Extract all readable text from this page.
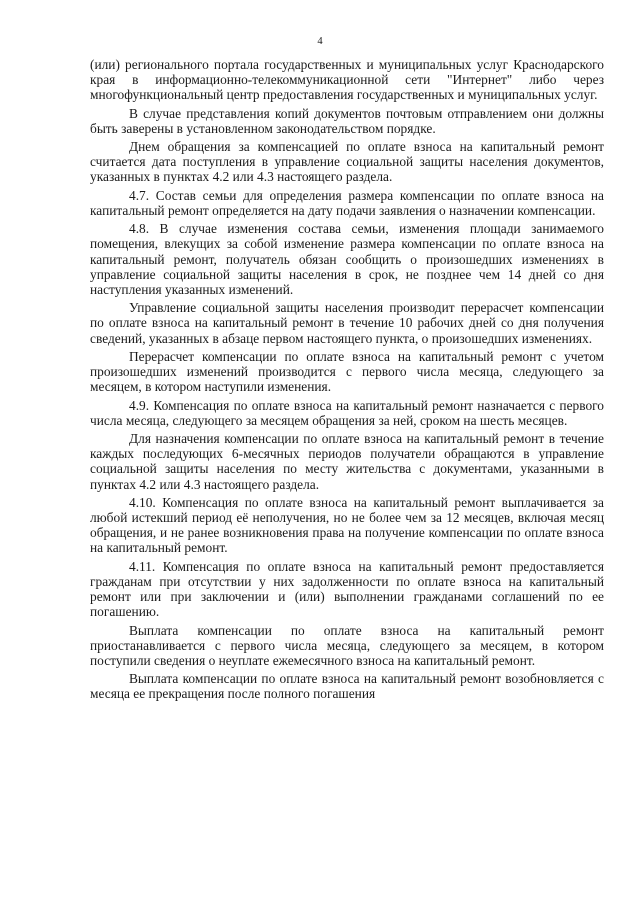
4

(или) регионального портала государственных и муниципальных услуг Краснодарского края в информационно-телекоммуникационной сети "Интернет" либо через многофункциональный центр предоставления государственных и муниципальных услуг.

В случае представления копий документов почтовым отправлением они должны быть заверены в установленном законодательством порядке.

Днем обращения за компенсацией по оплате взноса на капитальный ремонт считается дата поступления в управление социальной защиты населения документов, указанных в пунктах 4.2 или 4.3 настоящего раздела.

4.7. Состав семьи для определения размера компенсации по оплате взноса на капитальный ремонт определяется на дату подачи заявления о назначении компенсации.

4.8. В случае изменения состава семьи, изменения площади занимаемого помещения, влекущих за собой изменение размера компенсации по оплате взноса на капитальный ремонт, получатель обязан сообщить о произошедших изменениях в управление социальной защиты населения в срок, не позднее чем 14 дней со дня наступления указанных изменений.

Управление социальной защиты населения производит перерасчет компенсации по оплате взноса на капитальный ремонт в течение 10 рабочих дней со дня получения сведений, указанных в абзаце первом настоящего пункта, о произошедших изменениях.

Перерасчет компенсации по оплате взноса на капитальный ремонт с учетом произошедших изменений производится с первого числа месяца, следующего за месяцем, в котором наступили изменения.

4.9. Компенсация по оплате взноса на капитальный ремонт назначается с первого числа месяца, следующего за месяцем обращения за ней, сроком на шесть месяцев.

Для назначения компенсации по оплате взноса на капитальный ремонт в течение каждых последующих 6-месячных периодов получатели обращаются в управление социальной защиты населения по месту жительства с документами, указанными в пунктах 4.2 или 4.3 настоящего раздела.

4.10. Компенсация по оплате взноса на капитальный ремонт выплачивается за любой истекший период её неполучения, но не более чем за 12 месяцев, включая месяц обращения, и не ранее возникновения права на получение компенсации по оплате взноса на капитальный ремонт.

4.11. Компенсация по оплате взноса на капитальный ремонт предоставляется гражданам при отсутствии у них задолженности по оплате взноса на капитальный ремонт или при заключении и (или) выполнении гражданами соглашений по ее погашению.

Выплата компенсации по оплате взноса на капитальный ремонт приостанавливается с первого числа месяца, следующего за месяцем, в котором поступили сведения о неуплате ежемесячного взноса на капитальный ремонт.

Выплата компенсации по оплате взноса на капитальный ремонт возобновляется с месяца ее прекращения после полного погашения
